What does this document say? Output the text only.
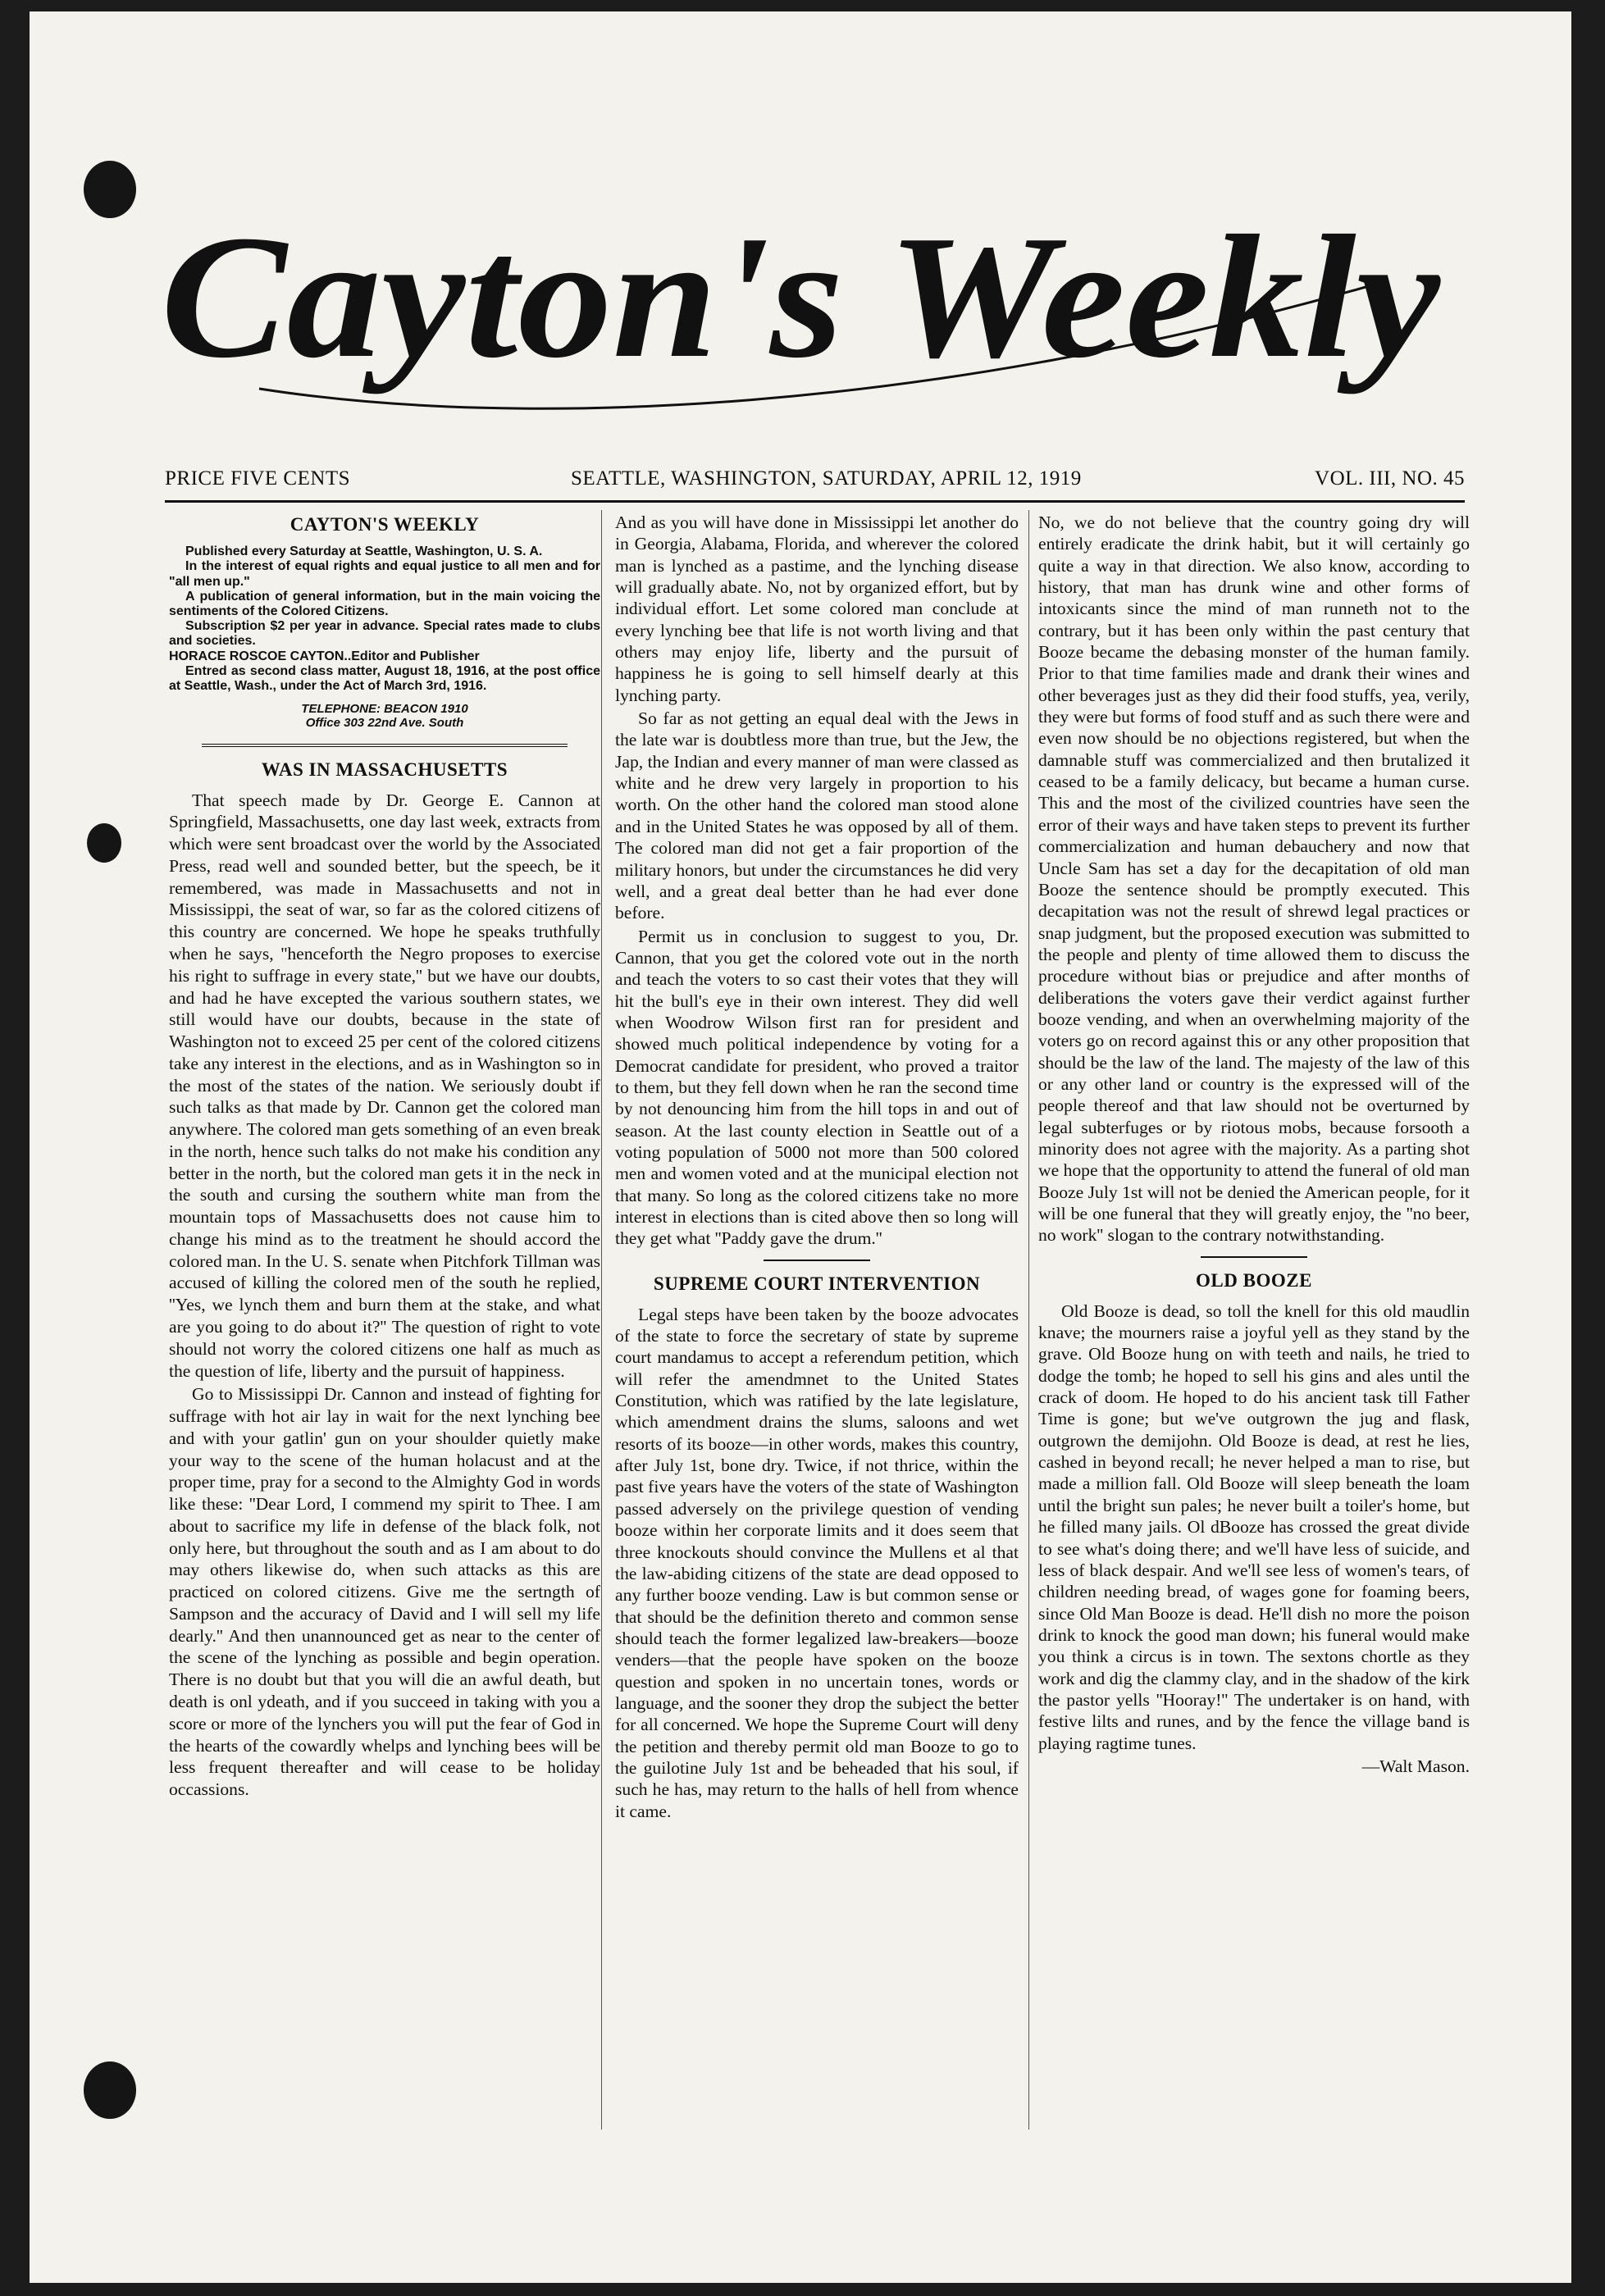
Cayton's Weekly
PRICE FIVE CENTS	SEATTLE, WASHINGTON, SATURDAY, APRIL 12, 1919	VOL. III, NO. 45
CAYTON'S WEEKLY

Published every Saturday at Seattle, Washington, U. S. A.

In the interest of equal rights and equal justice to all men and for "all men up."

A publication of general information, but in the main voicing the sentiments of the Colored Citizens.

Subscription $2 per year in advance. Special rates made to clubs and societies.

HORACE ROSCOE CAYTON..Editor and Publisher

Entred as second class matter, August 18, 1916, at the post office at Seattle, Wash., under the Act of March 3rd, 1916.

TELEPHONE: BEACON 1910
Office 303 22nd Ave. South
WAS IN MASSACHUSETTS

That speech made by Dr. George E. Cannon at Springfield, Massachusetts, one day last week, extracts from which were sent broadcast over the world by the Associated Press, read well and sounded better, but the speech, be it remembered, was made in Massachusetts and not in Mississippi, the seat of war, so far as the colored citizens of this country are concerned. We hope he speaks truthfully when he says, ''henceforth the Negro proposes to exercise his right to suffrage in every state,'' but we have our doubts, and had he have excepted the various southern states, we still would have our doubts, because in the state of Washington not to exceed 25 per cent of the colored citizens take any interest in the elections, and as in Washington so in the most of the states of the nation. We seriously doubt if such talks as that made by Dr. Cannon get the colored man anywhere. The colored man gets something of an even break in the north, hence such talks do not make his condition any better in the north, but the colored man gets it in the neck in the south and cursing the southern white man from the mountain tops of Massachusetts does not cause him to change his mind as to the treatment he should accord the colored man. In the U. S. senate when Pitchfork Tillman was accused of killing the colored men of the south he replied, ''Yes, we lynch them and burn them at the stake, and what are you going to do about it?'' The question of right to vote should not worry the colored citizens one half as much as the question of life, liberty and the pursuit of happiness.

Go to Mississippi Dr. Cannon and instead of fighting for suffrage with hot air lay in wait for the next lynching bee and with your gatlin' gun on your shoulder quietly make your way to the scene of the human holacust and at the proper time, pray for a second to the Almighty God in words like these: ''Dear Lord, I commend my spirit to Thee. I am about to sacrifice my life in defense of the black folk, not only here, but throughout the south and as I am about to do may others likewise do, when such attacks as this are practiced on colored citizens. Give me the sertngth of Sampson and the accuracy of David and I will sell my life dearly.'' And then unannounced get as near to the center of the scene of the lynching as possible and begin operation. There is no doubt but that you will die an awful death, but death is onl ydeath, and if you succeed in taking with you a score or more of the lynchers you will put the fear of God in the hearts of the cowardly whelps and lynching bees will be less frequent thereafter and will cease to be holiday occassions.

And as you will have done in Mississippi let another do in Georgia, Alabama, Florida, and wherever the colored man is lynched as a pastime, and the lynching disease will gradually abate. No, not by organized effort, but by individual effort. Let some colored man conclude at every lynching bee that life is not worth living and that others may enjoy life, liberty and the pursuit of happiness he is going to sell himself dearly at this lynching party.

So far as not getting an equal deal with the Jews in the late war is doubtless more than true, but the Jew, the Jap, the Indian and every manner of man were classed as white and he drew very largely in proportion to his worth. On the other hand the colored man stood alone and in the United States he was opposed by all of them. The colored man did not get a fair proportion of the military honors, but under the circumstances he did very well, and a great deal better than he had ever done before.

Permit us in conclusion to suggest to you, Dr. Cannon, that you get the colored vote out in the north and teach the voters to so cast their votes that they will hit the bull's eye in their own interest. They did well when Woodrow Wilson first ran for president and showed much political independence by voting for a Democrat candidate for president, who proved a traitor to them, but they fell down when he ran the second time by not denouncing him from the hill tops in and out of season. At the last county election in Seattle out of a voting population of 5000 not more than 500 colored men and women voted and at the municipal election not that many. So long as the colored citizens take no more interest in elections than is cited above then so long will they get what ''Paddy gave the drum.''

SUPREME COURT INTERVENTION

Legal steps have been taken by the booze advocates of the state to force the secretary of state by supreme court mandamus to accept a referendum petition, which will refer the amendmnet to the United States Constitution, which was ratified by the late legislature, which amendment drains the slums, saloons and wet resorts of its booze—in other words, makes this country, after July 1st, bone dry. Twice, if not thrice, within the past five years have the voters of the state of Washington passed adversely on the privilege question of vending booze within her corporate limits and it does seem that three knockouts should convince the Mullens et al that the law-abiding citizens of the state are dead opposed to any further booze vending. Law is but common sense or that should be the definition thereto and common sense should teach the former legalized law-breakers—booze venders—that the people have spoken on the booze question and spoken in no uncertain tones, words or language, and the sooner they drop the subject the better for all concerned. We hope the Supreme Court will deny the petition and thereby permit old man Booze to go to the guilotine July 1st and be beheaded that his soul, if such he has, may return to the halls of hell from whence it came.

No, we do not believe that the country going dry will entirely eradicate the drink habit, but it will certainly go quite a way in that direction. We also know, according to history, that man has drunk wine and other forms of intoxicants since the mind of man runneth not to the contrary, but it has been only within the past century that Booze became the debasing monster of the human family. Prior to that time families made and drank their wines and other beverages just as they did their food stuffs, yea, verily, they were but forms of food stuff and as such there were and even now should be no objections registered, but when the damnable stuff was commercialized and then brutalized it ceased to be a family delicacy, but became a human curse. This and the most of the civilized countries have seen the error of their ways and have taken steps to prevent its further commercialization and human debauchery and now that Uncle Sam has set a day for the decapitation of old man Booze the sentence should be promptly executed. This decapitation was not the result of shrewd legal practices or snap judgment, but the proposed execution was submitted to the people and plenty of time allowed them to discuss the procedure without bias or prejudice and after months of deliberations the voters gave their verdict against further booze vending, and when an overwhelming majority of the voters go on record against this or any other proposition that should be the law of the land. The majesty of the law of this or any other land or country is the expressed will of the people thereof and that law should not be overturned by legal subterfuges or by riotous mobs, because forsooth a minority does not agree with the majority. As a parting shot we hope that the opportunity to attend the funeral of old man Booze July 1st will not be denied the American people, for it will be one funeral that they will greatly enjoy, the ''no beer, no work'' slogan to the contrary notwithstanding.

OLD BOOZE

Old Booze is dead, so toll the knell for this old maudlin knave; the mourners raise a joyful yell as they stand by the grave. Old Booze hung on with teeth and nails, he tried to dodge the tomb; he hoped to sell his gins and ales until the crack of doom. He hoped to do his ancient task till Father Time is gone; but we've outgrown the jug and flask, outgrown the demijohn. Old Booze is dead, at rest he lies, cashed in beyond recall; he never helped a man to rise, but made a million fall. Old Booze will sleep beneath the loam until the bright sun pales; he never built a toiler's home, but he filled many jails. Ol dBooze has crossed the great divide to see what's doing there; and we'll have less of suicide, and less of black despair. And we'll see less of women's tears, of children needing bread, of wages gone for foaming beers, since Old Man Booze is dead. He'll dish no more the poison drink to knock the good man down; his funeral would make you think a circus is in town. The sextons chortle as they work and dig the clammy clay, and in the shadow of the kirk the pastor yells ''Hooray!'' The undertaker is on hand, with festive lilts and runes, and by the fence the village band is playing ragtime tunes.

—Walt Mason.
